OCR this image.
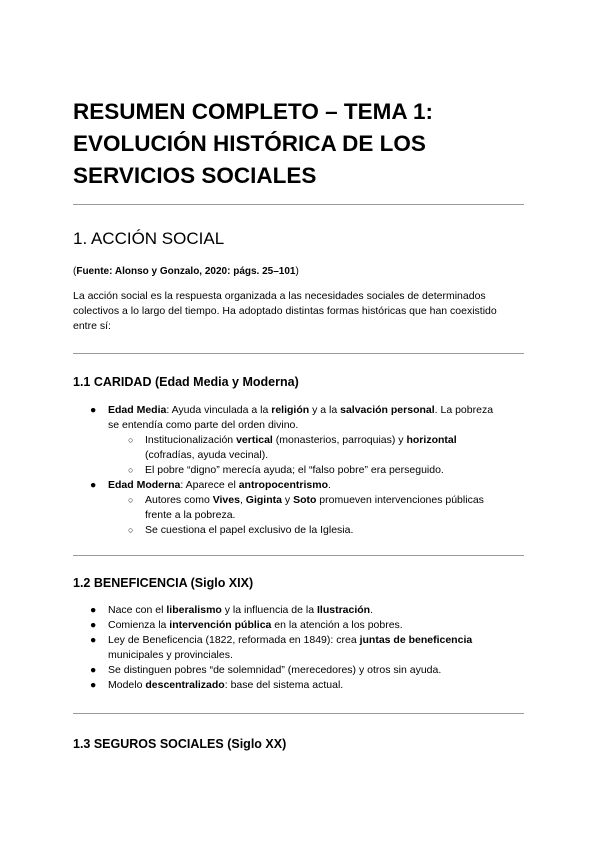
RESUMEN COMPLETO – TEMA 1:
EVOLUCIÓN HISTÓRICA DE LOS
SERVICIOS SOCIALES
1. ACCIÓN SOCIAL
(Fuente: Alonso y Gonzalo, 2020: págs. 25–101)

La acción social es la respuesta organizada a las necesidades sociales de determinados
colectivos a lo largo del tiempo. Ha adoptado distintas formas históricas que han coexistido
entre sí:

1.1 CARIDAD (Edad Media y Moderna)
● Edad Media: Ayuda vinculada a la religión y a la salvación personal. La pobreza
se entendía como parte del orden divino.
○ Institucionalización vertical (monasterios, parroquias) y horizontal
(cofradías, ayuda vecinal).
○ El pobre “digno” merecía ayuda; el “falso pobre” era perseguido.
● Edad Moderna: Aparece el antropocentrismo.
○ Autores como Vives, Giginta y Soto promueven intervenciones públicas
frente a la pobreza.
○ Se cuestiona el papel exclusivo de la Iglesia.
1.2 BENEFICENCIA (Siglo XIX)
● Nace con el liberalismo y la influencia de la Ilustración.
● Comienza la intervención pública en la atención a los pobres.
● Ley de Beneficencia (1822, reformada en 1849): crea juntas de beneficencia
municipales y provinciales.
● Se distinguen pobres “de solemnidad” (merecedores) y otros sin ayuda.
● Modelo descentralizado: base del sistema actual.
1.3 SEGUROS SOCIALES (Siglo XX)
